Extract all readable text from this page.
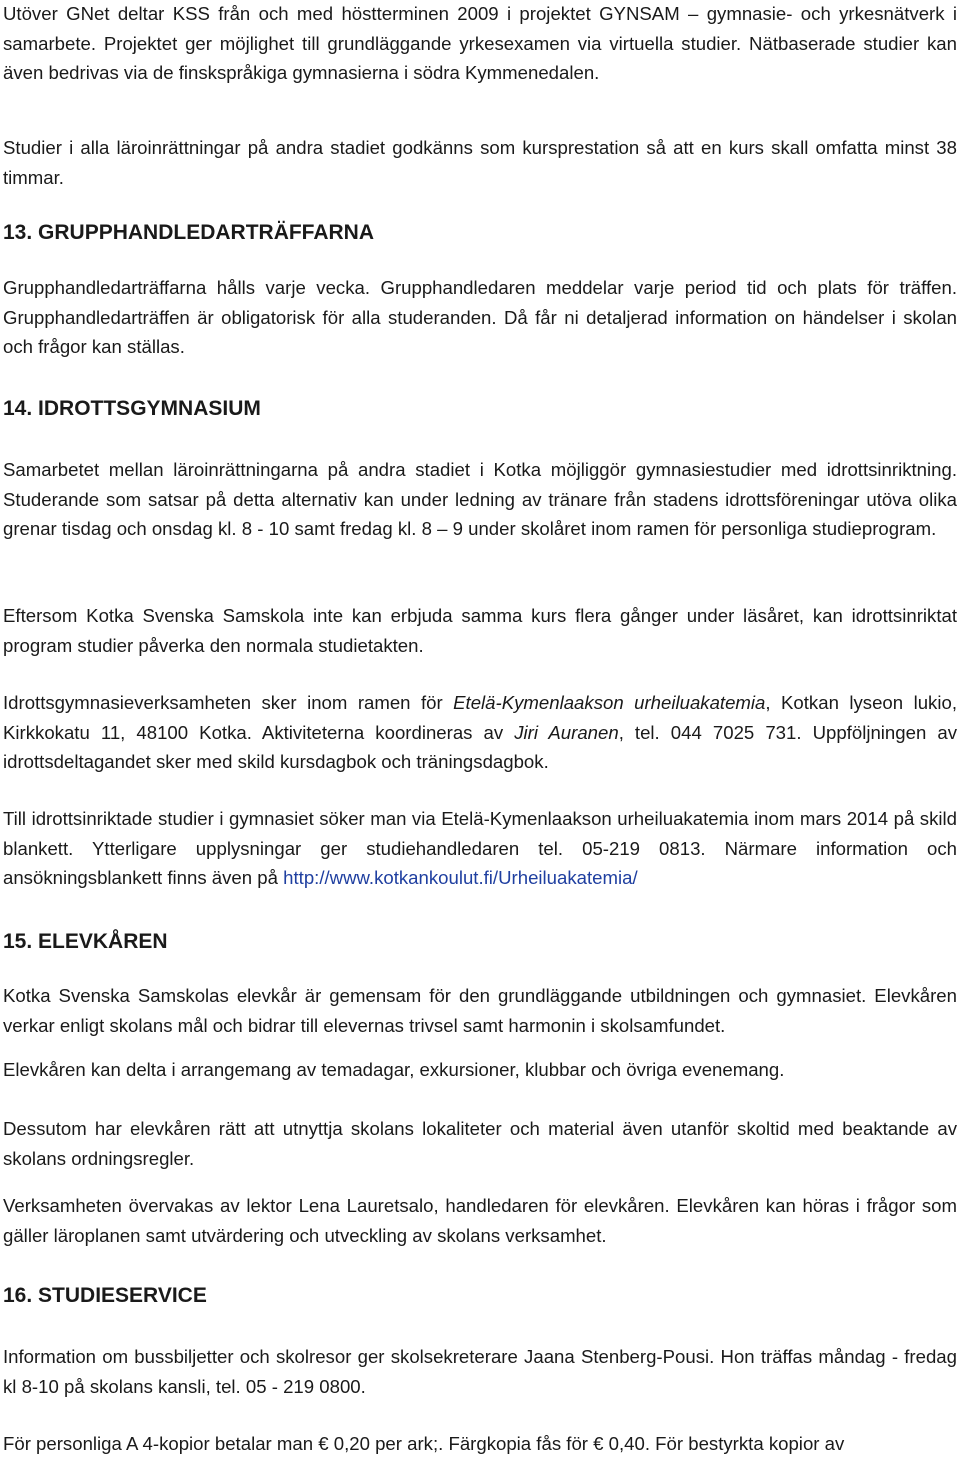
Utöver GNet deltar KSS från och med höstterminen 2009 i projektet GYNSAM – gymnasie- och yrkesnätverk i samarbete. Projektet ger möjlighet till grundläggande yrkesexamen via virtuella studier. Nätbaserade studier kan även bedrivas via de finskspråkiga gymnasierna i södra Kymmenedalen.

Studier i alla läroinrättningar på andra stadiet godkänns som kursprestation så att en kurs skall omfatta minst 38 timmar.

13. GRUPPHANDLEDARTRÄFFARNA

Grupphandledarträffarna hålls varje vecka. Grupphandledaren meddelar varje period tid och plats för träffen. Grupphandledarträffen är obligatorisk för alla studeranden. Då får ni detaljerad information on händelser i skolan och frågor kan ställas.

14. IDROTTSGYMNASIUM

Samarbetet mellan läroinrättningarna på andra stadiet i Kotka möjliggör gymnasiestudier med idrottsinriktning. Studerande som satsar på detta alternativ kan under ledning av tränare från stadens idrottsföreningar utöva olika grenar tisdag och onsdag kl. 8 - 10 samt fredag kl. 8 – 9 under skolåret inom ramen för personliga studieprogram.

Eftersom Kotka Svenska Samskola inte kan erbjuda samma kurs flera gånger under läsåret, kan idrottsinriktat program studier påverka den normala studietakten.

Idrottsgymnasieverksamheten sker inom ramen för Etelä-Kymenlaakson urheiluakatemia, Kotkan lyseon lukio, Kirkkokatu 11, 48100 Kotka. Aktiviteterna koordineras av Jiri Auranen, tel. 044 7025 731. Uppföljningen av idrottsdeltagandet sker med skild kursdagbok och träningsdagbok.

Till idrottsinriktade studier i gymnasiet söker man via Etelä-Kymenlaakson urheiluakatemia inom mars 2014 på skild blankett. Ytterligare upplysningar ger studiehandledaren tel. 05-219 0813. Närmare information och ansökningsblankett finns även på http://www.kotkankoulut.fi/Urheiluakatemia/

15. ELEVKÅREN

Kotka Svenska Samskolas elevkår är gemensam för den grundläggande utbildningen och gymnasiet. Elevkåren verkar enligt skolans mål och bidrar till elevernas trivsel samt harmonin i skolsamfundet.

Elevkåren kan delta i arrangemang av temadagar, exkursioner, klubbar och övriga evenemang.

Dessutom har elevkåren rätt att utnyttja skolans lokaliteter och material även utanför skoltid med beaktande av skolans ordningsregler.

Verksamheten övervakas av lektor Lena Lauretsalo, handledaren för elevkåren. Elevkåren kan höras i frågor som gäller läroplanen samt utvärdering och utveckling av skolans verksamhet.

16. STUDIESERVICE

Information om bussbiljetter och skolresor ger skolsekreterare Jaana Stenberg-Pousi. Hon träffas måndag - fredag kl 8-10 på skolans kansli, tel. 05 - 219 0800.

För personliga A 4-kopior betalar man € 0,20 per ark;. Färgkopia fås för € 0,40. För bestyrkta kopior av
